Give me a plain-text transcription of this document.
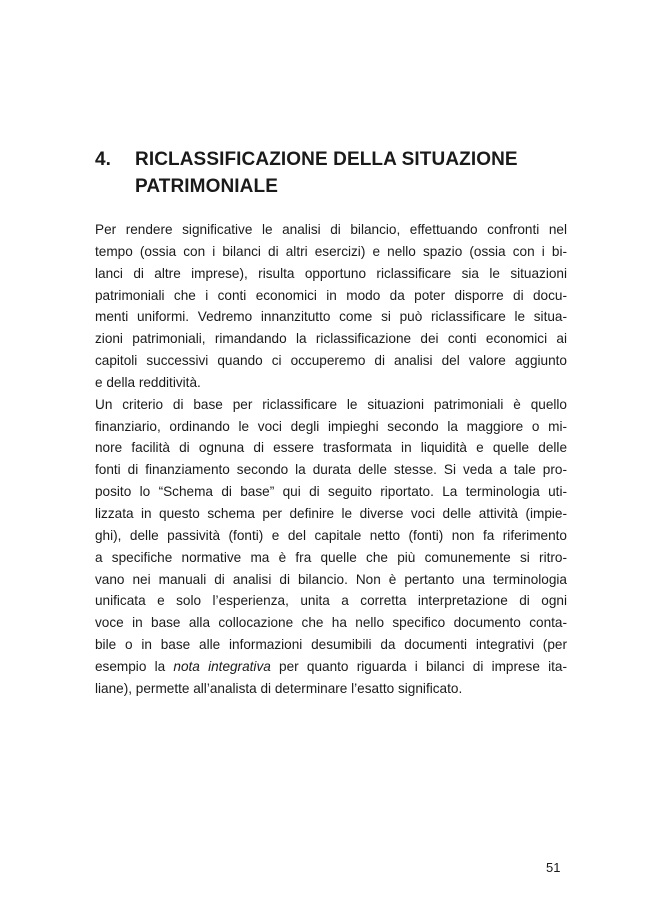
4.	RICLASSIFICAZIONE DELLA SITUAZIONE
PATRIMONIALE
Per rendere significative le analisi di bilancio, effettuando confronti nel
tempo (ossia con i bilanci di altri esercizi) e nello spazio (ossia con i bi-
lanci di altre imprese), risulta opportuno riclassificare sia le situazioni
patrimoniali che i conti economici in modo da poter disporre di docu-
menti uniformi. Vedremo innanzitutto come si può riclassificare le situa-
zioni patrimoniali, rimandando la riclassificazione dei conti economici ai
capitoli successivi quando ci occuperemo di analisi del valore aggiunto
e della redditività.
Un criterio di base per riclassificare le situazioni patrimoniali è quello
finanziario, ordinando le voci degli impieghi secondo la maggiore o mi-
nore facilità di ognuna di essere trasformata in liquidità e quelle delle
fonti di finanziamento secondo la durata delle stesse. Si veda a tale pro-
posito lo “Schema di base” qui di seguito riportato. La terminologia uti-
lizzata in questo schema per definire le diverse voci delle attività (impie-
ghi), delle passività (fonti) e del capitale netto (fonti) non fa riferimento
a specifiche normative ma è fra quelle che più comunemente si ritro-
vano nei manuali di analisi di bilancio. Non è pertanto una terminologia
unificata e solo l’esperienza, unita a corretta interpretazione di ogni
voce in base alla collocazione che ha nello specifico documento conta-
bile o in base alle informazioni desumibili da documenti integrativi (per
esempio la nota integrativa per quanto riguarda i bilanci di imprese ita-
liane), permette all’analista di determinare l’esatto significato.
51
